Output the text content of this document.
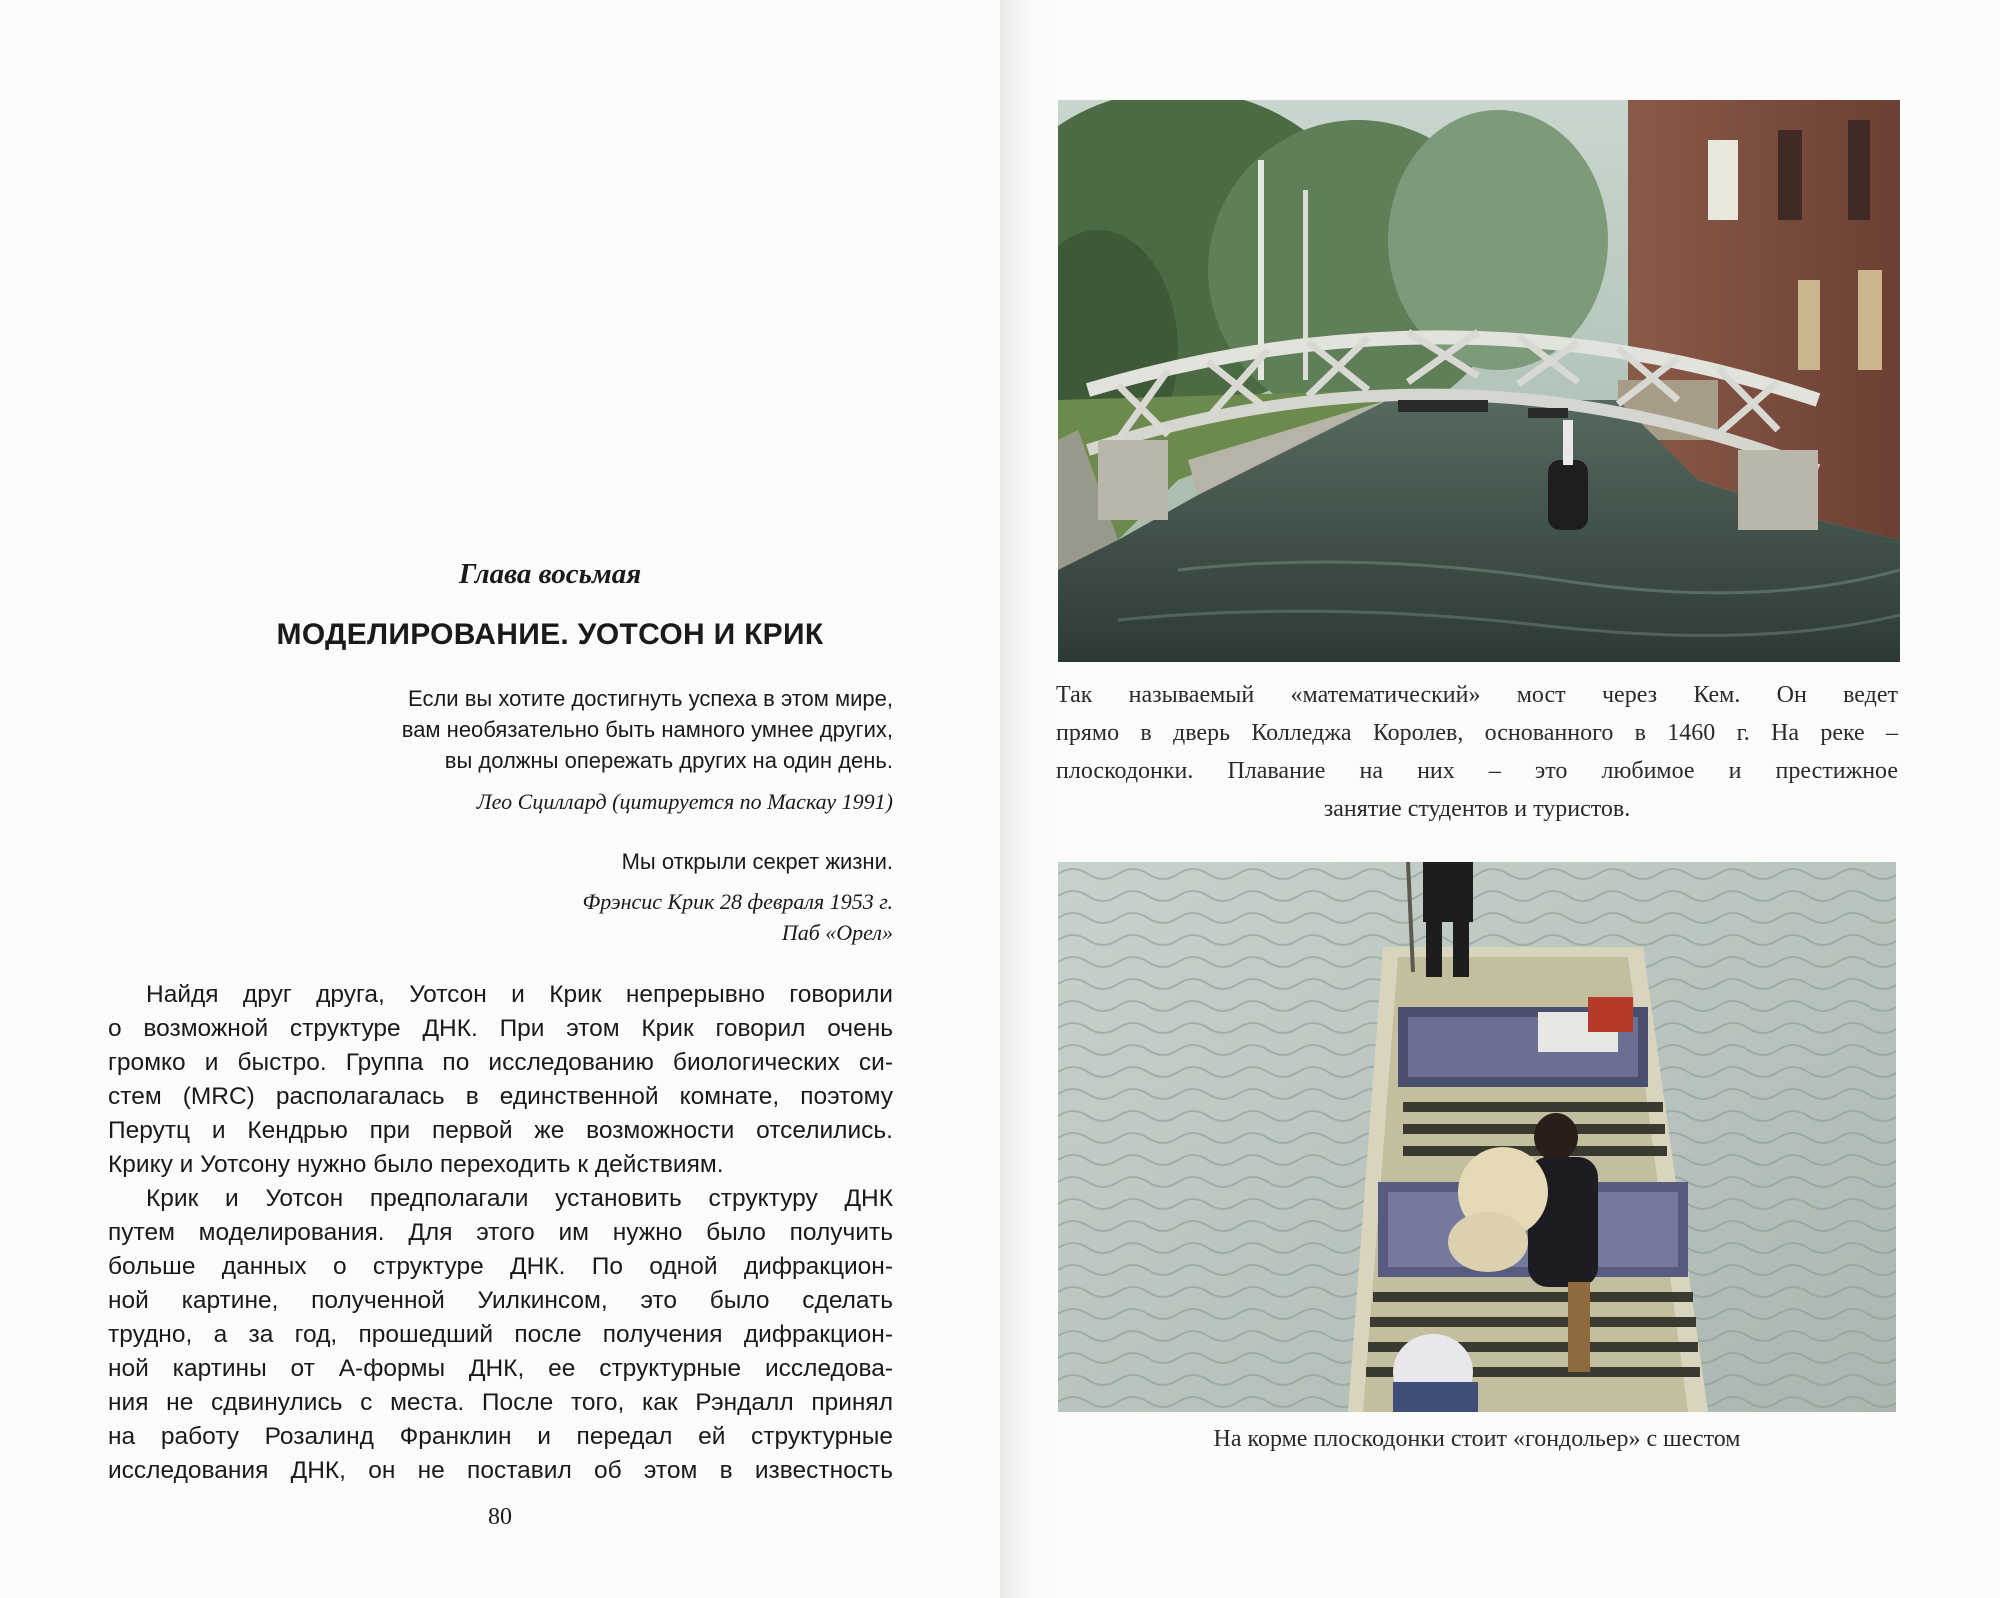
Глава восьмая
МОДЕЛИРОВАНИЕ. УОТСОН И КРИК
Если вы хотите достигнуть успеха в этом мире,
вам необязательно быть намного умнее других,
вы должны опережать других на один день.
Лео Сциллард (цитируется по Маскау 1991)
Мы открыли секрет жизни.
Фрэнсис Крик 28 февраля 1953 г.
Паб «Орел»
Найдя друг друга, Уотсон и Крик непрерывно говорили
о возможной структуре ДНК. При этом Крик говорил очень
громко и быстро. Группа по исследованию биологических си-
стем (MRC) располагалась в единственной комнате, поэтому
Перутц и Кендрью при первой же возможности отселились.
Крику и Уотсону нужно было переходить к действиям.
Крик и Уотсон предполагали установить структуру ДНК
путем моделирования. Для этого им нужно было получить
больше данных о структуре ДНК. По одной дифракцион-
ной картине, полученной Уилкинсом, это было сделать
трудно, а за год, прошедший после получения дифракцион-
ной картины от А-формы ДНК, ее структурные исследова-
ния не сдвинулись с места. После того, как Рэндалл принял
на работу Розалинд Франклин и передал ей структурные
исследования ДНК, он не поставил об этом в известность
80
Так называемый «математический» мост через Кем. Он ведет
прямо в дверь Колледжа Королев, основанного в 1460 г. На реке –
плоскодонки. Плавание на них – это любимое и престижное
занятие студентов и туристов.
На корме плоскодонки стоит «гондольер» с шестом
